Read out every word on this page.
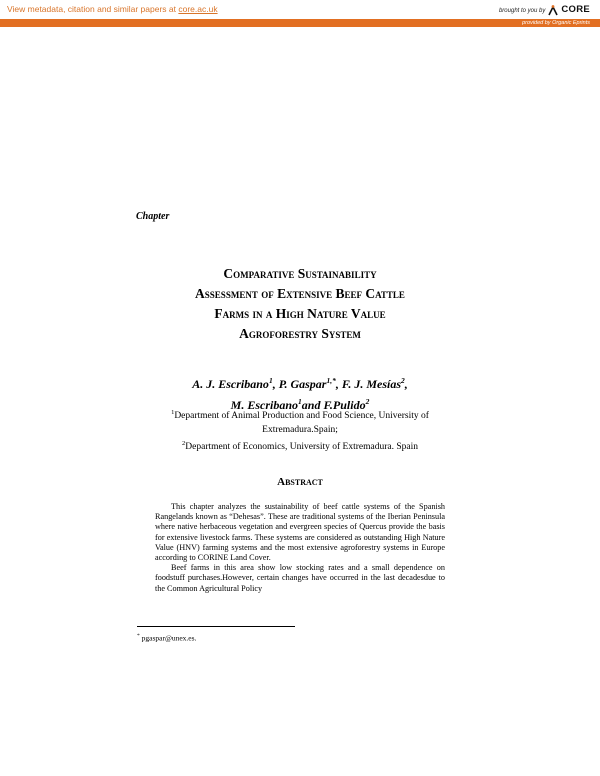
View metadata, citation and similar papers at core.ac.uk	brought to you by CORE
provided by Organic Eprints
Chapter
Comparative Sustainability
Assessment of Extensive Beef Cattle
Farms in a High Nature Value
Agroforestry System
A. J. Escribano$^1$, P. Gaspar$^{1,*}$, F. J. Mesías$^2$,
M. Escribano$^1$and F.Pulido$^2$
$^1$Department of Animal Production and Food Science, University of Extremadura.Spain;
$^2$Department of Economics, University of Extremadura. Spain
Abstract

This chapter analyzes the sustainability of beef cattle systems of the Spanish Rangelands known as “Dehesas”. These are traditional systems of the Iberian Peninsula where native herbaceous vegetation and evergreen species of Quercus provide the basis for extensive livestock farms. These systems are considered as outstanding High Nature Value (HNV) farming systems and the most extensive agroforestry systems in Europe according to CORINE Land Cover.

Beef farms in this area show low stocking rates and a small dependence on foodstuff purchases.However, certain changes have occurred in the last decadesdue to the Common Agricultural Policy

* pgaspar@unex.es.
